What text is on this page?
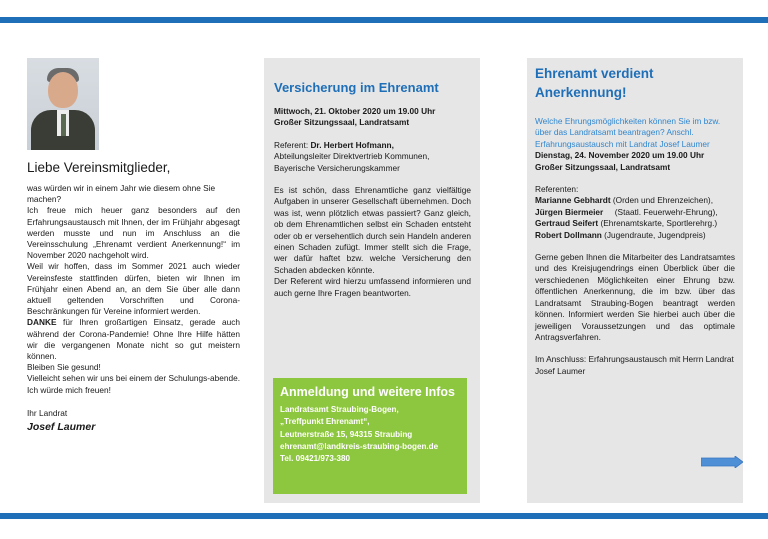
Liebe Vereinsmitglieder,

was würden wir in einem Jahr wie diesem ohne Sie machen?

Ich freue mich heuer ganz besonders auf den Erfahrungsaustausch mit Ihnen, der im Frühjahr abgesagt werden musste und nun im Anschluss an die Vereinsschulung „Ehrenamt verdient Anerkennung!“ im November 2020 nachgeholt wird.

Weil wir hoffen, dass im Sommer 2021 auch wieder Vereinsfeste stattfinden dürfen, bieten wir Ihnen im Frühjahr einen Abend an, an dem Sie über alle dann aktuell geltenden Vorschriften und Corona-Beschränkungen für Vereine informiert werden.

DANKE für Ihren großartigen Einsatz, gerade auch während der Corona-Pandemie! Ohne Ihre Hilfe hätten wir die vergangenen Monate nicht so gut meistern können.

Bleiben Sie gesund!

Vielleicht sehen wir uns bei einem der Schulungs-abende. Ich würde mich freuen!

Ihr Landrat

Josef Laumer

Versicherung im Ehrenamt
Mittwoch, 21. Oktober 2020 um 19.00 Uhr
Großer Sitzungssaal, Landratsamt
Referent: Dr. Herbert Hofmann,
Abteilungsleiter Direktvertrieb Kommunen, Bayerische Versicherungskammer
Es ist schön, dass Ehrenamtliche ganz vielfältige Aufgaben in unserer Gesellschaft übernehmen. Doch was ist, wenn plötzlich etwas passiert? Ganz gleich, ob dem Ehrenamtlichen selbst ein Schaden entsteht oder ob er versehentlich durch sein Handeln anderen einen Schaden zufügt. Immer stellt sich die Frage, wer dafür haftet bzw. welche Versicherung den Schaden abdecken könnte.
Der Referent wird hierzu umfassend informieren und auch gerne Ihre Fragen beantworten.
Anmeldung und weitere Infos
Landratsamt Straubing-Bogen,
„Treffpunkt Ehrenamt“,
Leutnerstraße 15, 94315 Straubing
ehrenamt@landkreis-straubing-bogen.de
Tel. 09421/973-380
Ehrenamt verdient Anerkennung!
Welche Ehrungsmöglichkeiten können Sie im bzw. über das Landratsamt beantragen? Anschl. Erfahrungsaustausch mit Landrat Josef Laumer
Dienstag, 24. November 2020 um 19.00 Uhr
Großer Sitzungssaal, Landratsamt
Referenten:

Marianne Gebhardt (Orden und Ehrenzeichen),

Jürgen Biermeier     (Staatl. Feuerwehr-Ehrung),

Gertraud Seifert (Ehrenamtskarte, Sportlerehrg.)

Robert Dollmann (Jugendraute, Jugendpreis)

Gerne geben Ihnen die Mitarbeiter des Landratsamtes und des Kreisjugendrings einen Überblick über die verschiedenen Möglichkeiten einer Ehrung bzw. öffentlichen Anerkennung, die im bzw. über das Landratsamt Straubing-Bogen beantragt werden können. Informiert werden Sie hierbei auch über die jeweiligen Voraussetzungen und das optimale Antragsverfahren.
Im Anschluss: Erfahrungsaustausch mit Herrn Landrat Josef Laumer
